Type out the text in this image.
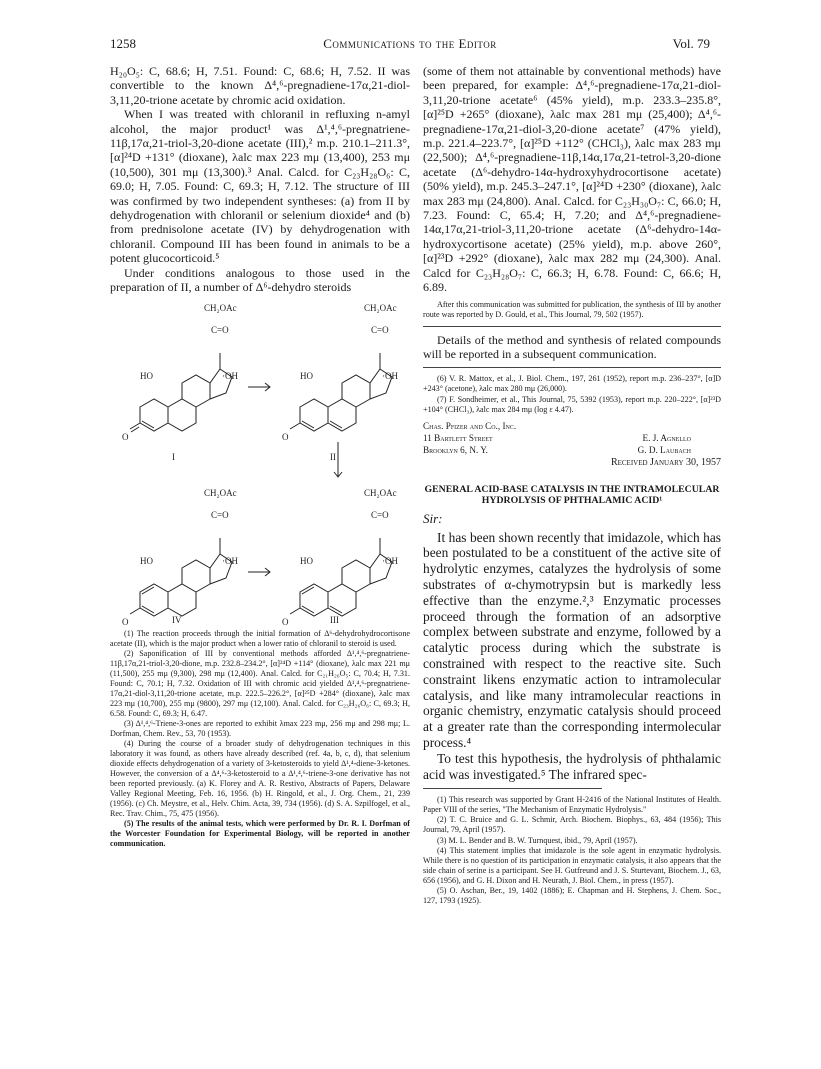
1258	Communications to the Editor	Vol. 79

H₂₀O₅: C, 68.6; H, 7.51. Found: C, 68.6; H, 7.52. II was convertible to the known Δ⁴,⁶-pregnadiene-17α,21-diol-3,11,20-trione acetate by chromic acid oxidation.

When I was treated with chloranil in refluxing n-amyl alcohol, the major product¹ was Δ¹,⁴,⁶-pregnatriene-11β,17α,21-triol-3,20-dione acetate (III),² m.p. 210.1–211.3°, [α]²⁴D +131° (dioxane), λalc max 223 mμ (13,400), 253 mμ (10,500), 301 mμ (13,300).³ Anal. Calcd. for C₂₃H₂₈O₆: C, 69.0; H, 7.05. Found: C, 69.3; H, 7.12. The structure of III was confirmed by two independent syntheses: (a) from II by dehydrogenation with chloranil or selenium dioxide⁴ and (b) from prednisolone acetate (IV) by dehydrogenation with chloranil. Compound III has been found in animals to be a potent glucocorticoid.⁵

Under conditions analogous to those used in the preparation of II, a number of Δ⁶-dehydro steroids

CH₂OAc
C=O
HO	·OH
O
I
CH₂OAc
C=O
HO	·OH
O
II
CH₂OAc
C=O
HO	·OH
O	IV
CH₂OAc
C=O
HO	·OH
O	III

(1) The reaction proceeds through the initial formation of Δ⁶-dehydrohydrocortisone acetate (II), which is the major product when a lower ratio of chloranil to steroid is used.

(2) Saponification of III by conventional methods afforded Δ¹,⁴,⁶-pregnatriene-11β,17α,21-triol-3,20-dione, m.p. 232.8–234.2°, [α]²⁴D +114° (dioxane), λalc max 221 mμ (11,500), 255 mμ (9,300), 298 mμ (12,400). Anal. Calcd. for C₂₁H₂₆O₅: C, 70.4; H, 7.31. Found: C, 70.1; H, 7.32. Oxidation of III with chromic acid yielded Δ¹,⁴,⁶-pregnatriene-17α,21-diol-3,11,20-trione acetate, m.p. 222.5–226.2°, [α]²⁵D +284° (dioxane), λalc max 223 mμ (10,700), 255 mμ (9800), 297 mμ (12,100). Anal. Calcd. for C₂₃H₂₆O₆: C, 69.3; H, 6.58. Found: C, 69.3; H, 6.47.

(3) Δ¹,⁴,⁶-Triene-3-ones are reported to exhibit λmax 223 mμ, 256 mμ and 298 mμ; L. Dorfman, Chem. Rev., 53, 70 (1953).

(4) During the course of a broader study of dehydrogenation techniques in this laboratory it was found, as others have already described (ref. 4a, b, c, d), that selenium dioxide effects dehydrogenation of a variety of 3-ketosteroids to yield Δ¹,⁴-diene-3-ketones. However, the conversion of a Δ⁴,⁶-3-ketosteroid to a Δ¹,⁴,⁶-triene-3-one derivative has not been reported previously. (a) K. Florey and A. R. Restivo, Abstracts of Papers, Delaware Valley Regional Meeting, Feb. 16, 1956. (b) H. Ringold, et al., J. Org. Chem., 21, 239 (1956). (c) Ch. Meystre, et al., Helv. Chim. Acta, 39, 734 (1956). (d) S. A. Szpilfogel, et al., Rec. Trav. Chim., 75, 475 (1956).

(5) The results of the animal tests, which were performed by Dr. R. I. Dorfman of the Worcester Foundation for Experimental Biology, will be reported in another communication.

(some of them not attainable by conventional methods) have been prepared, for example: Δ⁴,⁶-pregnadiene-17α,21-diol-3,11,20-trione acetate⁶ (45% yield), m.p. 233.3–235.8°, [α]²⁵D +265° (dioxane), λalc max 281 mμ (25,400); Δ⁴,⁶-pregnadiene-17α,21-diol-3,20-dione acetate⁷ (47% yield), m.p. 221.4–223.7°, [α]²⁵D +112° (CHCl₃), λalc max 283 mμ (22,500); Δ⁴,⁶-pregnadiene-11β,14α,17α,21-tetrol-3,20-dione acetate (Δ⁶-dehydro-14α-hydroxyhydrocortisone acetate) (50% yield), m.p. 245.3–247.1°, [α]²⁴D +230° (dioxane), λalc max 283 mμ (24,800). Anal. Calcd. for C₂₃H₃₀O₇: C, 66.0; H, 7.23. Found: C, 65.4; H, 7.20; and Δ⁴,⁶-pregnadiene-14α,17α,21-triol-3,11,20-trione acetate (Δ⁶-dehydro-14α-hydroxycortisone acetate) (25% yield), m.p. above 260°, [α]²³D +292° (dioxane), λalc max 282 mμ (24,300). Anal. Calcd for C₂₃H₂₈O₇: C, 66.3; H, 6.78. Found: C, 66.6; H, 6.89.

After this communication was submitted for publication, the synthesis of III by another route was reported by D. Gould, et al., This Journal, 79, 502 (1957).

Details of the method and synthesis of related compounds will be reported in a subsequent communication.

(6) V. R. Mattox, et al., J. Biol. Chem., 197, 261 (1952), report m.p. 236–237°, [α]D +243° (acetone), λalc max 280 mμ (26,000).

(7) F. Sondheimer, et al., This Journal, 75, 5392 (1953), report m.p. 220–222°, [α]²³D +104° (CHCl₃), λalc max 284 mμ (log ε 4.47).

Chas. Pfizer and Co., Inc.
11 Bartlett Street	E. J. Agnello
Brooklyn 6, N. Y.	G. D. Laubach
Received January 30, 1957
GENERAL ACID-BASE CATALYSIS IN THE INTRAMOLECULAR HYDROLYSIS OF PHTHALAMIC ACID¹
Sir:

It has been shown recently that imidazole, which has been postulated to be a constituent of the active site of hydrolytic enzymes, catalyzes the hydrolysis of some substrates of α-chymotrypsin but is markedly less effective than the enzyme.²,³ Enzymatic processes proceed through the formation of an adsorptive complex between substrate and enzyme, followed by a catalytic process during which the substrate is constrained with respect to the reactive site. Such constraint likens enzymatic action to intramolecular catalysis, and like many intramolecular reactions in organic chemistry, enzymatic catalysis should proceed at a greater rate than the corresponding intermolecular process.⁴

To test this hypothesis, the hydrolysis of phthalamic acid was investigated.⁵ The infrared spec-

(1) This research was supported by Grant H-2416 of the National Institutes of Health. Paper VIII of the series, "The Mechanism of Enzymatic Hydrolysis."

(2) T. C. Bruice and G. L. Schmir, Arch. Biochem. Biophys., 63, 484 (1956); This Journal, 79, April (1957).

(3) M. L. Bender and B. W. Turnquest, ibid., 79, April (1957).

(4) This statement implies that imidazole is the sole agent in enzymatic hydrolysis. While there is no question of its participation in enzymatic catalysis, it also appears that the side chain of serine is a participant. See H. Gutfreund and J. S. Sturtevant, Biochem. J., 63, 656 (1956), and G. H. Dixon and H. Neurath, J. Biol. Chem., in press (1957).

(5) O. Aschan, Ber., 19, 1402 (1886); E. Chapman and H. Stephens, J. Chem. Soc., 127, 1793 (1925).
